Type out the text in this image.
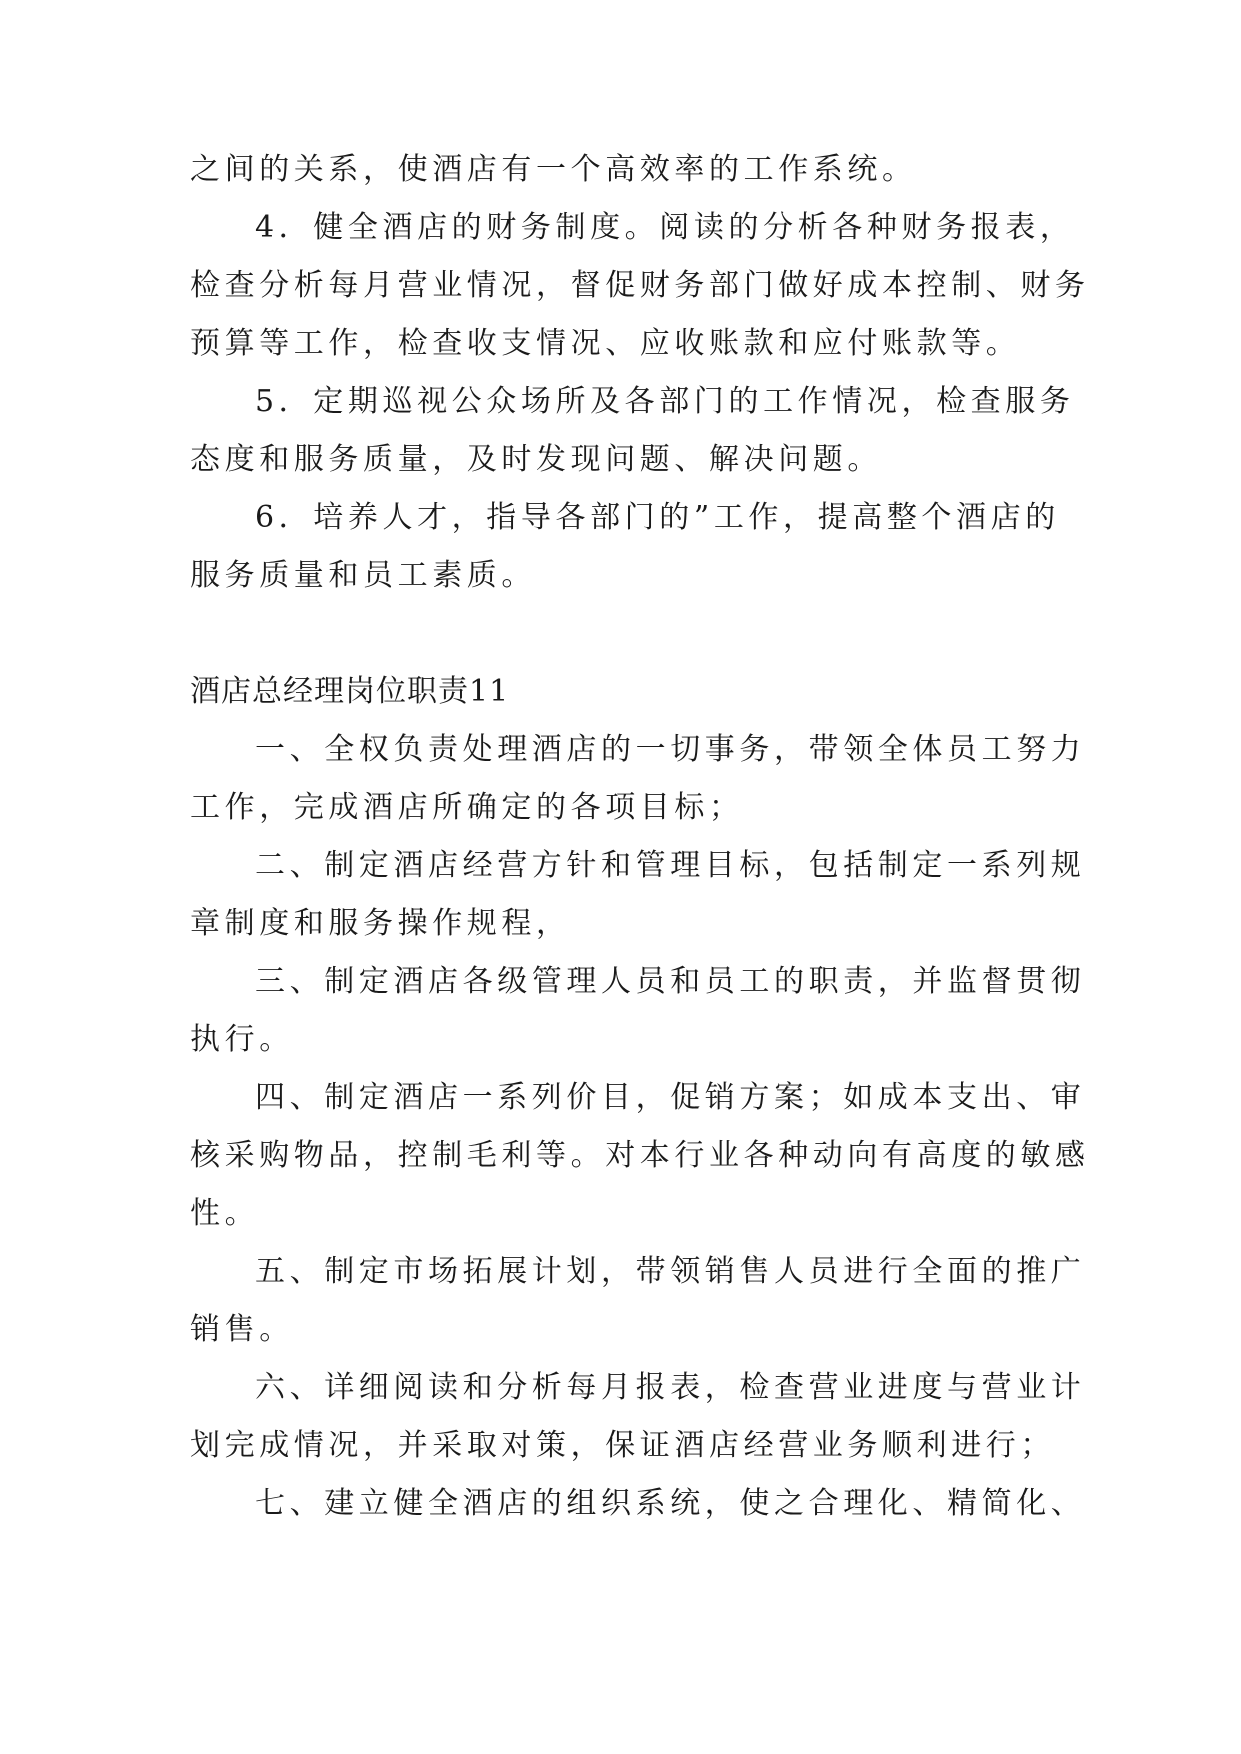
之间的关系，使酒店有一个高效率的工作系统。
4．健全酒店的财务制度。阅读的分析各种财务报表，
检查分析每月营业情况，督促财务部门做好成本控制、财务
预算等工作，检查收支情况、应收账款和应付账款等。
5．定期巡视公众场所及各部门的工作情况，检查服务
态度和服务质量，及时发现问题、解决问题。
6．培养人才，指导各部门的”工作，提高整个酒店的
服务质量和员工素质。
酒店总经理岗位职责11
一、全权负责处理酒店的一切事务，带领全体员工努力
工作，完成酒店所确定的各项目标；
二、制定酒店经营方针和管理目标，包括制定一系列规
章制度和服务操作规程，
三、制定酒店各级管理人员和员工的职责，并监督贯彻
执行。
四、制定酒店一系列价目，促销方案；如成本支出、审
核采购物品，控制毛利等。对本行业各种动向有高度的敏感
性。
五、制定市场拓展计划，带领销售人员进行全面的推广
销售。
六、详细阅读和分析每月报表，检查营业进度与营业计
划完成情况，并采取对策，保证酒店经营业务顺利进行；
七、建立健全酒店的组织系统，使之合理化、精简化、
